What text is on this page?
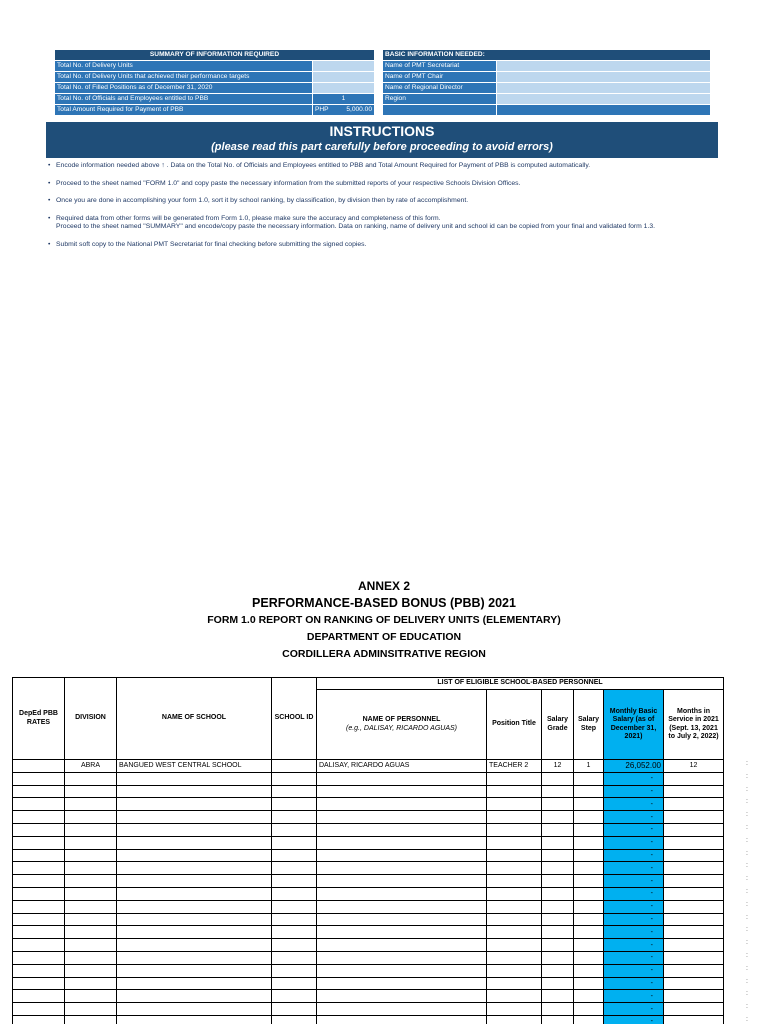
SUMMARY OF INFORMATION REQUIRED	
Total No. of Delivery Units	
Total No. of Delivery Units that achieved their performance targets	
Total No. of Filled Positions as of December 31, 2020	
Total No. of Officials and Employees entitled to PBB	1
Total Amount Required for Payment of PBB	PHP 5,000.00
BASIC INFORMATION NEEDED:	
Name of PMT Secretariat	
Name of PMT Chair	
Name of Regional Director	
Region	

INSTRUCTIONS
(please read this part carefully before proceeding to avoid errors)
• Encode information needed above ↑ . Data on the Total No. of Officials and Employees entitled to PBB and Total Amount Required for Payment of PBB is computed automatically.
• Proceed to the sheet named "FORM 1.0" and copy paste the necessary information from the submitted reports of your respective Schools Division Offices.
• Once you are done in accomplishing your form 1.0, sort it by school ranking, by classification, by division then by rate of accomplishment.
• Required data from other forms will be generated from Form 1.0, please make sure the accuracy and completeness of this form.
Proceed to the sheet named "SUMMARY" and encode/copy paste the necessary information. Data on ranking, name of delivery unit and school id can be copied from your final and validated form 1.3.
• Submit soft copy to the National PMT Secretariat for final checking before submitting the signed copies.
ANNEX 2
PERFORMANCE-BASED BONUS (PBB) 2021
FORM 1.0 REPORT ON RANKING OF DELIVERY UNITS (ELEMENTARY)
DEPARTMENT OF EDUCATION
CORDILLERA ADMINSITRATIVE REGION
DepEd PBB RATES	DIVISION	NAME OF SCHOOL	SCHOOL ID	LIST OF ELIGIBLE SCHOOL-BASED PERSONNEL					
				NAME OF PERSONNEL
(e.g., DALISAY, RICARDO AGUAS)	Position Title	Salary Grade	Salary Step	Monthly Basic Salary (as of December 31, 2021)	Months in Service in 2021 (Sept. 13, 2021 to July 2, 2022)
	ABRA	BANGUED WEST CENTRAL SCHOOL		DALISAY, RICARDO AGUAS	TEACHER 2	12	1	26,052.00	12
								-	
								-	
								-	
								-	
								-	
								-	
								-	
								-	
								-	
								-	
								-	
								-	
								-	
								-	
								-	
								-	
								-	
								-	
								-	
								-	
:
:
:
:
:
:
:
:
:
:
:
:
:
:
:
:
:
:
:
:
:
